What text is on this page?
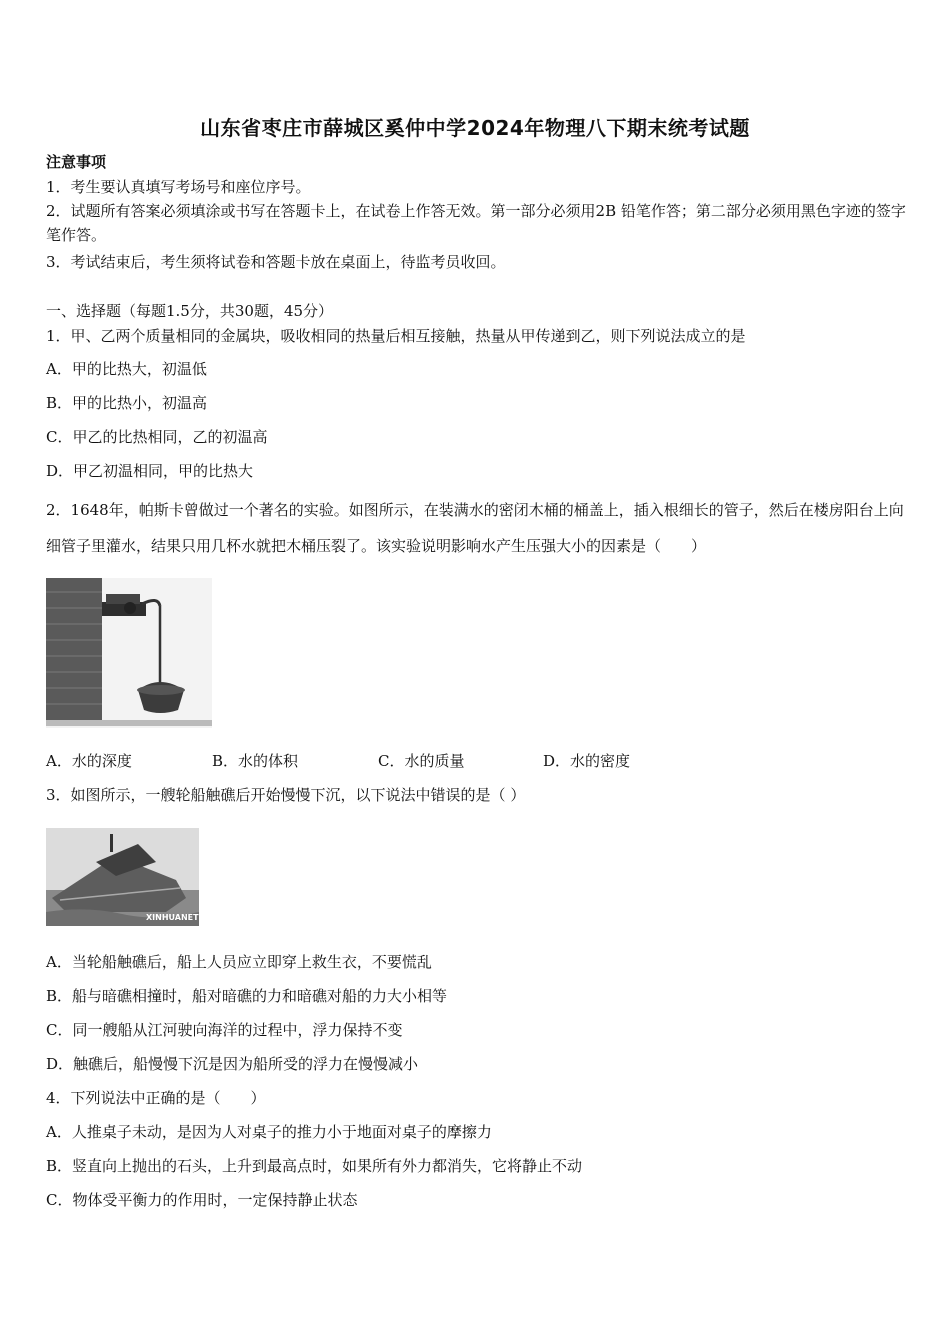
山东省枣庄市薛城区奚仲中学2024年物理八下期末统考试题
注意事项
1．考生要认真填写考场号和座位序号。
2．试题所有答案必须填涂或书写在答题卡上，在试卷上作答无效。第一部分必须用2B 铅笔作答；第二部分必须用黑色字迹的签字笔作答。
3．考试结束后，考生须将试卷和答题卡放在桌面上，待监考员收回。
一、选择题（每题1.5分，共30题，45分）
1．甲、乙两个质量相同的金属块，吸收相同的热量后相互接触，热量从甲传递到乙，则下列说法成立的是
A．甲的比热大，初温低
B．甲的比热小，初温高
C．甲乙的比热相同，乙的初温高
D．甲乙初温相同，甲的比热大
2．1648年，帕斯卡曾做过一个著名的实验。如图所示，在装满水的密闭木桶的桶盖上，插入根细长的管子，然后在楼房阳台上向细管子里灌水，结果只用几杯水就把木桶压裂了。该实验说明影响水产生压强大小的因素是（　　）
A．水的深度	B．水的体积	C．水的质量	D．水的密度
3．如图所示，一艘轮船触礁后开始慢慢下沉，以下说法中错误的是（ ）
XINHUANET
A．当轮船触礁后，船上人员应立即穿上救生衣，不要慌乱
B．船与暗礁相撞时，船对暗礁的力和暗礁对船的力大小相等
C．同一艘船从江河驶向海洋的过程中，浮力保持不变
D．触礁后，船慢慢下沉是因为船所受的浮力在慢慢减小
4．下列说法中正确的是（　　）
A．人推桌子未动，是因为人对桌子的推力小于地面对桌子的摩擦力
B．竖直向上抛出的石头，上升到最高点时，如果所有外力都消失，它将静止不动
C．物体受平衡力的作用时，一定保持静止状态
